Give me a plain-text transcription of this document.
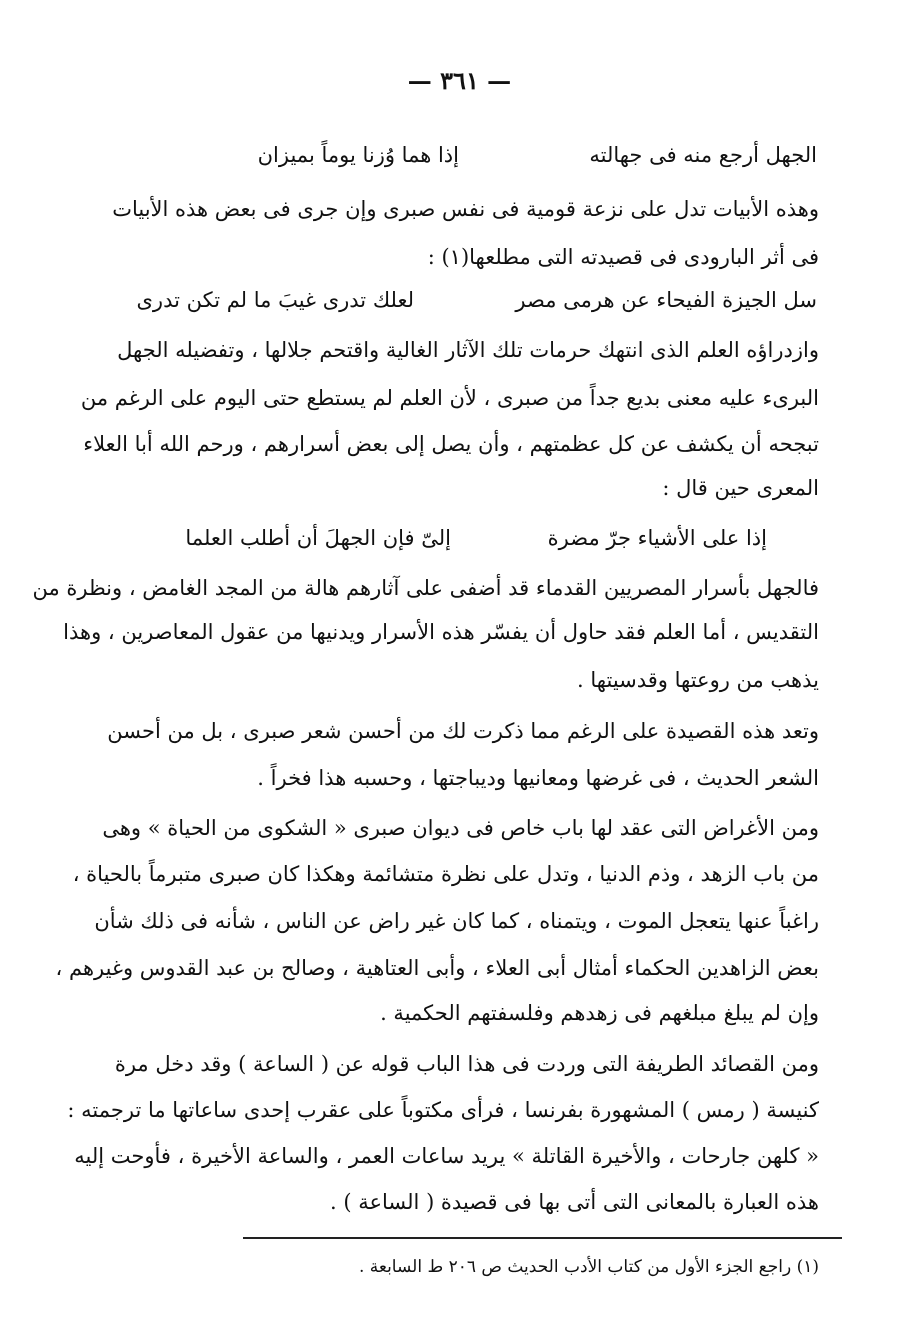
— ٣٦١ —
الجهل أرجع منه فى جهالته
إذا هما وُزنا يوماً بميزان
وهذه الأبيات تدل على نزعة قومية فى نفس صبرى وإن جرى فى بعض هذه الأبيات
فى أثر البارودى فى قصيدته التى مطلعها(١) :
سل الجيزة الفيحاء عن هرمى مصر
لعلك تدرى غيبَ ما لم تكن تدرى
وازدراؤه العلم الذى انتهك حرمات تلك الآثار الغالية واقتحم جلالها ، وتفضيله الجهل
البرىء عليه معنى بديع جداً من صبرى ، لأن العلم لم يستطع حتى اليوم على الرغم من
تبجحه أن يكشف عن كل عظمتهم ، وأن يصل إلى بعض أسرارهم ، ورحم الله أبا العلاء
المعرى حين قال :
إذا على الأشياء جرّ مضرة
إلىّ فإن الجهلَ أن أطلب العلما
فالجهل بأسرار المصريين القدماء قد أضفى على آثارهم هالة من المجد الغامض ، ونظرة من
التقديس ، أما العلم فقد حاول أن يفسّر هذه الأسرار ويدنيها من عقول المعاصرين ، وهذا
يذهب من روعتها وقدسيتها .
وتعد هذه القصيدة على الرغم مما ذكرت لك من أحسن شعر صبرى ، بل من أحسن
الشعر الحديث ، فى غرضها ومعانيها وديباجتها ، وحسبه هذا فخراً .
ومن الأغراض التى عقد لها باب خاص فى ديوان صبرى « الشكوى من الحياة » وهى
من باب الزهد ، وذم الدنيا ، وتدل على نظرة متشائمة وهكذا كان صبرى متبرماً بالحياة ،
راغباً عنها يتعجل الموت ، ويتمناه ، كما كان غير راض عن الناس ، شأنه فى ذلك شأن
بعض الزاهدين الحكماء أمثال أبى العلاء ، وأبى العتاهية ، وصالح بن عبد القدوس وغيرهم ،
وإن لم يبلغ مبلغهم فى زهدهم وفلسفتهم الحكمية .
ومن القصائد الطريفة التى وردت فى هذا الباب قوله عن ( الساعة ) وقد دخل مرة
كنيسة ( رمس ) المشهورة بفرنسا ، فرأى مكتوباً على عقرب إحدى ساعاتها ما ترجمته :
« كلهن جارحات ، والأخيرة القاتلة » يريد ساعات العمر ، والساعة الأخيرة ، فأوحت إليه
هذه العبارة بالمعانى التى أتى بها فى قصيدة ( الساعة ) .
(١) راجع الجزء الأول من كتاب الأدب الحديث ص ٢٠٦ ط السابعة .
